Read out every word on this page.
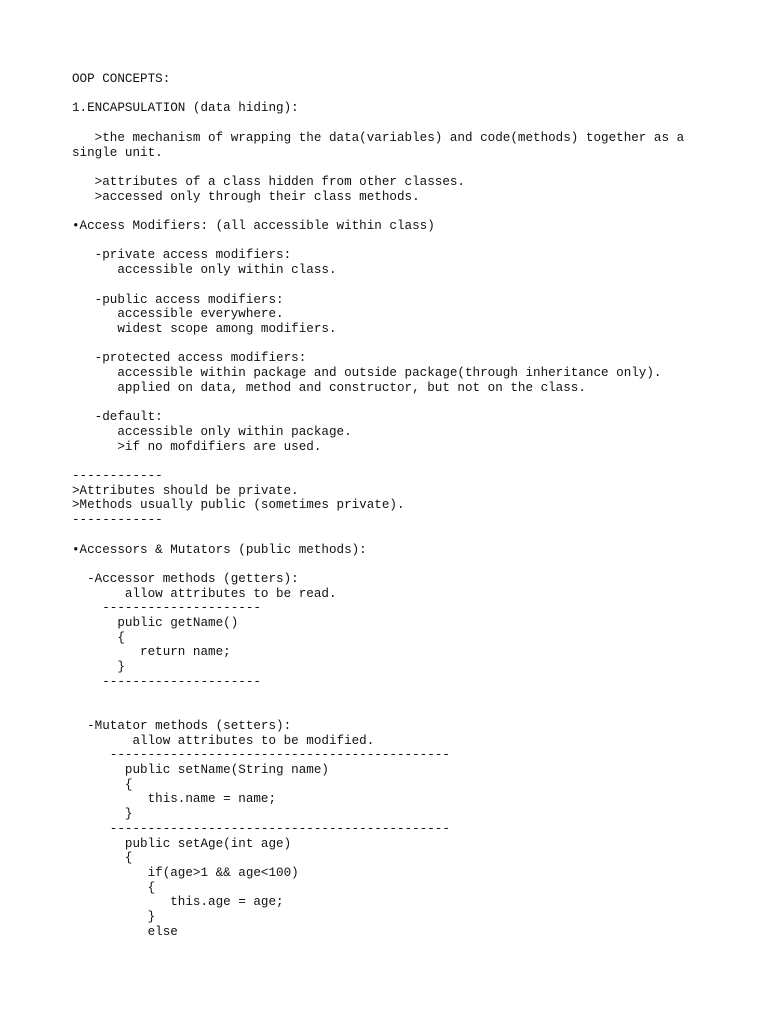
OOP CONCEPTS:

1.ENCAPSULATION (data hiding):

>the mechanism of wrapping the data(variables) and code(methods) together as a
single unit.

>attributes of a class hidden from other classes.
>accessed only through their class methods.

•Access Modifiers: (all accessible within class)

-private access modifiers:
accessible only within class.

-public access modifiers:
accessible everywhere.
widest scope among modifiers.

-protected access modifiers:
accessible within package and outside package(through inheritance only).
applied on data, method and constructor, but not on the class.

-default:
accessible only within package.
>if no mofdifiers are used.

------------
>Attributes should be private.
>Methods usually public (sometimes private).
------------

•Accessors & Mutators (public methods):

-Accessor methods (getters):
allow attributes to be read.
---------------------
public getName()
{
return name;
}
---------------------

-Mutator methods (setters):
allow attributes to be modified.
---------------------------------------------
public setName(String name)
{
this.name = name;
}
---------------------------------------------
public setAge(int age)
{
if(age>1 && age<100)
{
this.age = age;
}
else
